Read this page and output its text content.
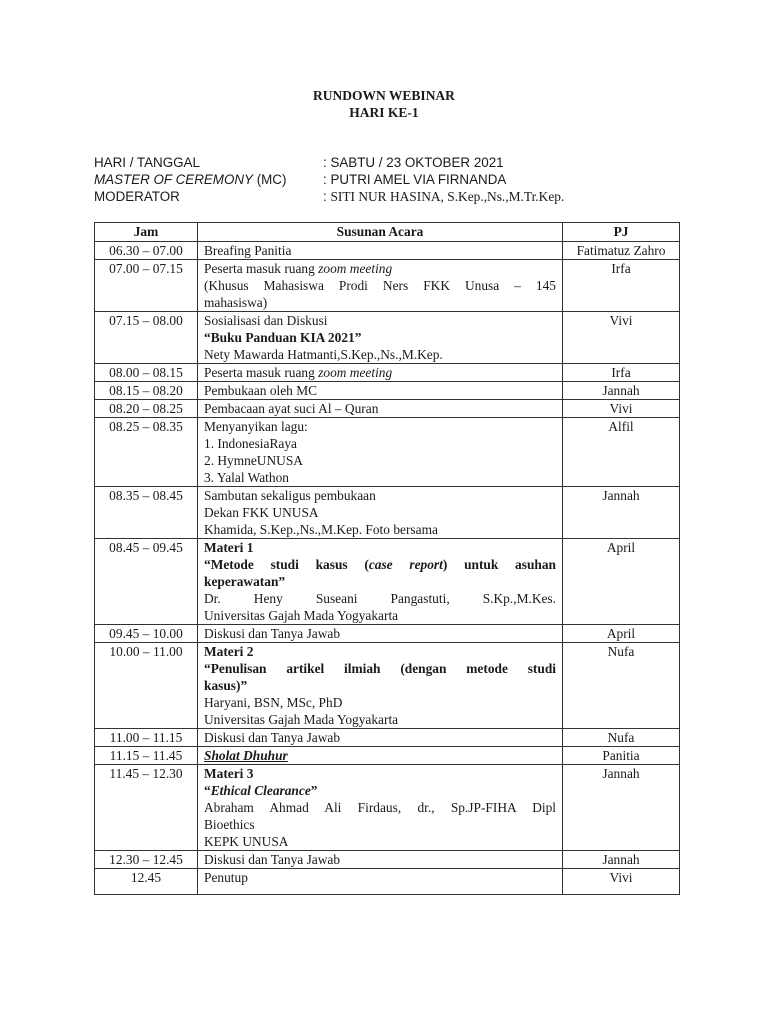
RUNDOWN WEBINAR
HARI KE-1
HARI / TANGGAL	: SABTU / 23 OKTOBER 2021
MASTER OF CEREMONY (MC)	: PUTRI AMEL VIA FIRNANDA
MODERATOR	: SITI NUR HASINA, S.Kep.,Ns.,M.Tr.Kep.
Jam	Susunan Acara	PJ
06.30 – 07.00	Breafing Panitia	Fatimatuz Zahro
07.00 – 07.15	Peserta masuk ruang zoom meeting
(Khusus Mahasiswa Prodi Ners FKK Unusa – 145
mahasiswa)	Irfa
07.15 – 08.00	Sosialisasi dan Diskusi
“Buku Panduan KIA 2021”
Nety Mawarda Hatmanti,S.Kep.,Ns.,M.Kep.	Vivi
08.00 – 08.15	Peserta masuk ruang zoom meeting	Irfa
08.15 – 08.20	Pembukaan oleh MC	Jannah
08.20 – 08.25	Pembacaan ayat suci Al – Quran	Vivi
08.25 – 08.35	Menyanyikan lagu:
1. IndonesiaRaya
2. HymneUNUSA
3. Yalal Wathon	Alfil
08.35 – 08.45	Sambutan sekaligus pembukaan
Dekan FKK UNUSA
Khamida, S.Kep.,Ns.,M.Kep. Foto bersama	Jannah
08.45 – 09.45	Materi 1
“Metode studi kasus (case report) untuk asuhan
keperawatan”
Dr. Heny Suseani Pangastuti, S.Kp.,M.Kes.
Universitas Gajah Mada Yogyakarta	April
09.45 – 10.00	Diskusi dan Tanya Jawab	April
10.00 – 11.00	Materi 2
“Penulisan artikel ilmiah (dengan metode studi
kasus)”
Haryani, BSN, MSc, PhD
Universitas Gajah Mada Yogyakarta	Nufa
11.00 – 11.15	Diskusi dan Tanya Jawab	Nufa
11.15 – 11.45	Sholat Dhuhur	Panitia
11.45 – 12.30	Materi 3
“Ethical Clearance”
Abraham Ahmad Ali Firdaus, dr., Sp.JP-FIHA Dipl
Bioethics
KEPK UNUSA	Jannah
12.30 – 12.45	Diskusi dan Tanya Jawab	Jannah
12.45	Penutup	Vivi
